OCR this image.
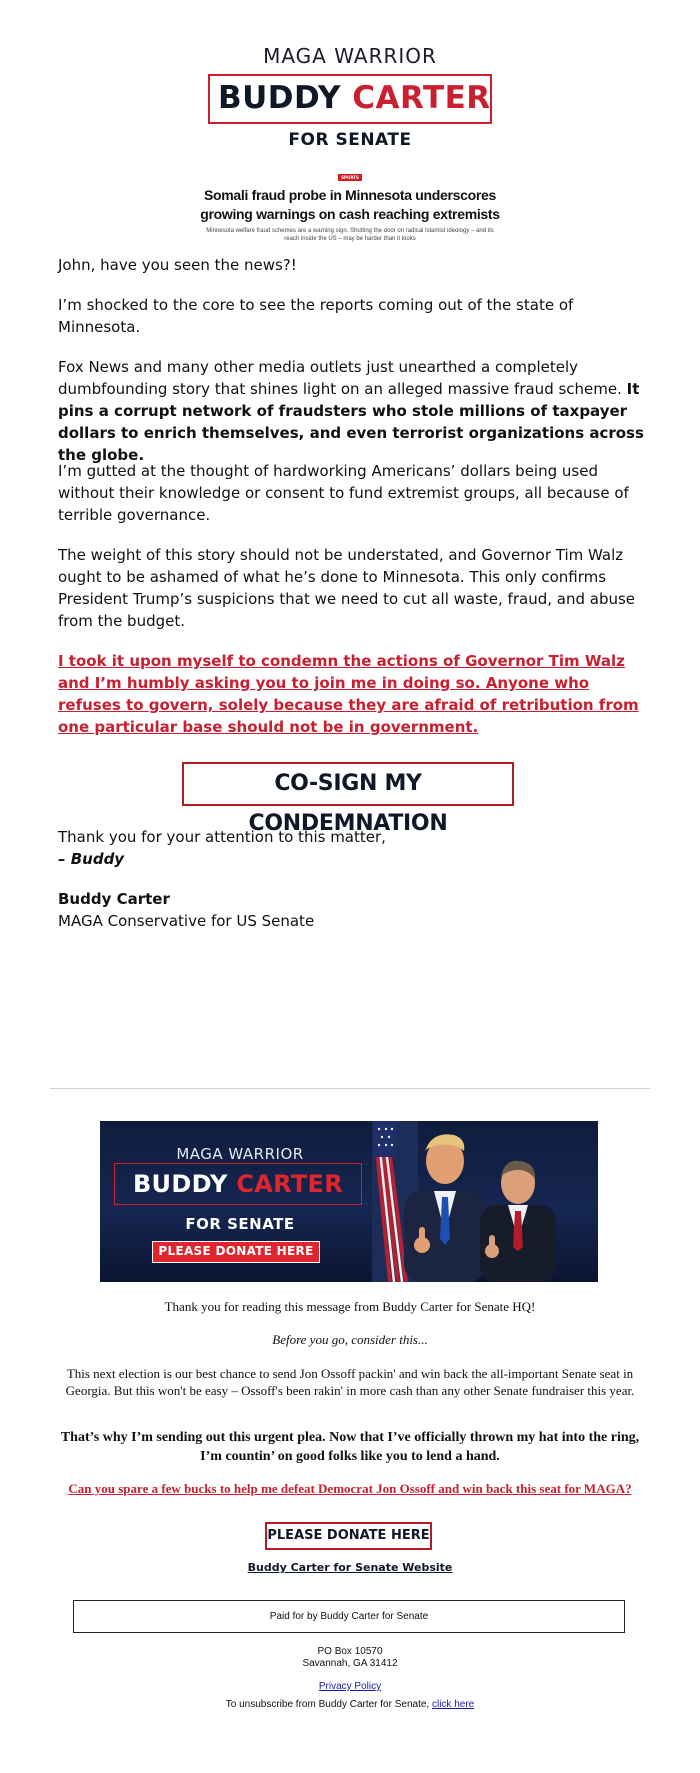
MAGA WARRIOR
BUDDY CARTER
FOR SENATE
SPORTS
Somali fraud probe in Minnesota underscores growing warnings on cash reaching extremists
Minnesota welfare fraud schemes are a warning sign. Shutting the door on radical Islamist ideology – and its reach inside the US – may be harder than it looks

John, have you seen the news?!

I’m shocked to the core to see the reports coming out of the state of Minnesota.

Fox News and many other media outlets just unearthed a completely dumbfounding story that shines light on an alleged massive fraud scheme. It pins a corrupt network of fraudsters who stole millions of taxpayer dollars to enrich themselves, and even terrorist organizations across the globe.

I’m gutted at the thought of hardworking Americans’ dollars being used without their knowledge or consent to fund extremist groups, all because of terrible governance.

The weight of this story should not be understated, and Governor Tim Walz ought to be ashamed of what he’s done to Minnesota. This only confirms President Trump’s suspicions that we need to cut all waste, fraud, and abuse from the budget.

I took it upon myself to condemn the actions of Governor Tim Walz and I’m humbly asking you to join me in doing so. Anyone who refuses to govern, solely because they are afraid of retribution from one particular base should not be in government.

CO-SIGN MY CONDEMNATION
Thank you for your attention to this matter,
– Buddy
Buddy Carter
MAGA Conservative for US Senate
MAGA WARRIOR
BUDDY CARTER
FOR SENATE
PLEASE DONATE HERE
Thank you for reading this message from Buddy Carter for Senate HQ!
Before you go, consider this...
This next election is our best chance to send Jon Ossoff packin' and win back the all-important Senate seat in Georgia. But this won't be easy – Ossoff's been rakin' in more cash than any other Senate fundraiser this year.
That’s why I’m sending out this urgent plea. Now that I’ve officially thrown my hat into the ring, I’m countin’ on good folks like you to lend a hand.
Can you spare a few bucks to help me defeat Democrat Jon Ossoff and win back this seat for MAGA?
PLEASE DONATE HERE
Buddy Carter for Senate Website
Paid for by Buddy Carter for Senate
PO Box 10570
Savannah, GA 31412
Privacy Policy
To unsubscribe from Buddy Carter for Senate, click here
